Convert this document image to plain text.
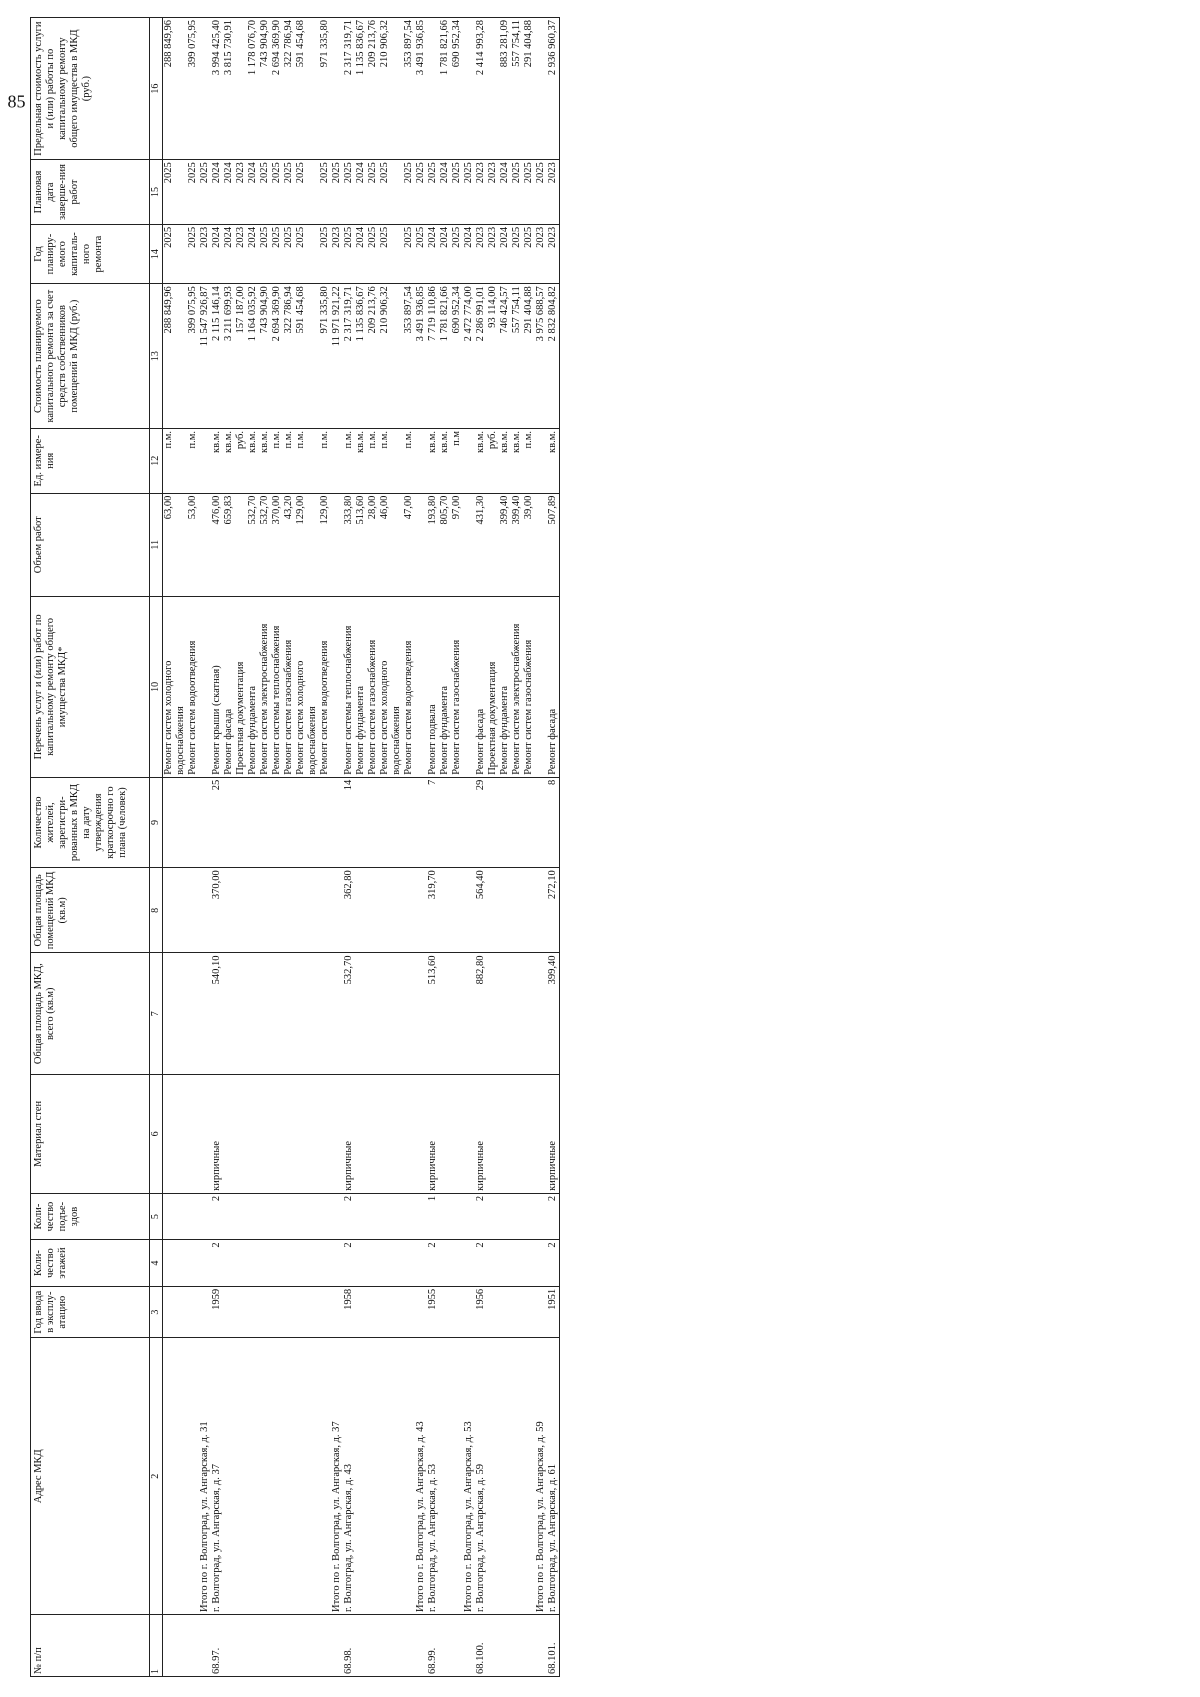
85
№ п/п	Адрес МКД	Год ввода в эксплу-атацию	Коли-чество этажей	Коли-чество подъе-здов	Материал стен	Общая площадь МКД, всего (кв.м)	Общая площадь помещений МКД (кв.м)	Количество жителей, зарегистри-рованных в МКД на дату утверждения краткосрочно го плана (человек)	Перечень услуг и (или) работ по капитальному ремонту общего имущества МКД*	Объем работ	Ед. измере-ния	Стоимость планируемого капитального ремонта за счет средств собственников помещений в МКД (руб.)	Год планиру-емого капиталь-ного ремонта	Плановая дата заверше-ния работ	Предельная стоимость услуги и (или) работы по капитальному ремонту общего имущества в МКД (руб.)
1	2	3	4	5	6	7	8	9	10	11	12	13	14	15	16
									Ремонт систем холодного водоснабжения	63,00	п.м.	288 849,96	2025	2025	288 849,96
									Ремонт систем водоотведения	53,00	п.м.	399 075,95	2025	2025	399 075,95
	Итого по г. Волгоград, ул. Ангарская, д. 31											11 547 926,87	2023	2025	
68.97.	г. Волгоград, ул. Ангарская, д. 37	1959	2	2	кирпичные	540,10	370,00	25	Ремонт крыши (скатная)	476,00	кв.м.	2 115 146,14	2024	2024	3 994 425,40
									Ремонт фасада	659,83	кв.м.	3 211 699,93	2024	2024	3 815 730,91
									Проектная документация		руб.	157 187,00	2023	2023	
									Ремонт фундамента	532,70	кв.м.	1 164 035,92	2024	2024	1 178 076,70
									Ремонт систем электроснабжения	532,70	кв.м.	743 904,90	2025	2025	743 904,90
									Ремонт системы теплоснабжения	370,00	п.м.	2 694 369,90	2025	2025	2 694 369,90
									Ремонт систем газоснабжения	43,20	п.м.	322 786,94	2025	2025	322 786,94
									Ремонт систем холодного водоснабжения	129,00	п.м.	591 454,68	2025	2025	591 454,68
									Ремонт систем водоотведения	129,00	п.м.	971 335,80	2025	2025	971 335,80
	Итого по г. Волгоград, ул. Ангарская, д. 37											11 971 921,22	2023	2025	
68.98.	г. Волгоград, ул. Ангарская, д. 43	1958	2	2	кирпичные	532,70	362,80	14	Ремонт системы теплоснабжения	333,80	п.м.	2 317 319,71	2025	2025	2 317 319,71
									Ремонт фундамента	513,60	кв.м.	1 135 836,67	2024	2024	1 135 836,67
									Ремонт систем газоснабжения	28,00	п.м.	209 213,76	2025	2025	209 213,76
									Ремонт систем холодного водоснабжения	46,00	п.м.	210 906,32	2025	2025	210 906,32
									Ремонт систем водоотведения	47,00	п.м.	353 897,54	2025	2025	353 897,54
	Итого по г. Волгоград, ул. Ангарская, д. 43											3 491 936,85	2025	2025	3 491 936,85
68.99.	г. Волгоград, ул. Ангарская, д. 53	1955	2	1	кирпичные	513,60	319,70	7	Ремонт подвала	193,80	кв.м.	7 719 110,86	2024	2025	
									Ремонт фундамента	805,70	кв.м.	1 781 821,66	2024	2024	1 781 821,66
									Ремонт систем газоснабжения	97,00	п.м	690 952,34	2025	2025	690 952,34
	Итого по г. Волгоград, ул. Ангарская, д. 53											2 472 774,00	2024	2025	
68.100.	г. Волгоград, ул. Ангарская, д. 59	1956	2	2	кирпичные	882,80	564,40	29	Ремонт фасада	431,30	кв.м.	2 286 991,01	2023	2023	2 414 993,28
									Проектная документация		руб.	93 114,00	2023	2023	
									Ремонт фундамента	399,40	кв.м.	746 424,57	2024	2024	883 281,09
									Ремонт систем электроснабжения	399,40	кв.м.	557 754,11	2025	2025	557 754,11
									Ремонт систем газоснабжения	39,00	п.м.	291 404,88	2025	2025	291 404,88
	Итого по г. Волгоград, ул. Ангарская, д. 59											3 975 688,57	2023	2025	
68.101.	г. Волгоград, ул. Ангарская, д. 61	1951	2	2	кирпичные	399,40	272,10	8	Ремонт фасада	507,89	кв.м.	2 832 804,82	2023	2023	2 936 960,37
